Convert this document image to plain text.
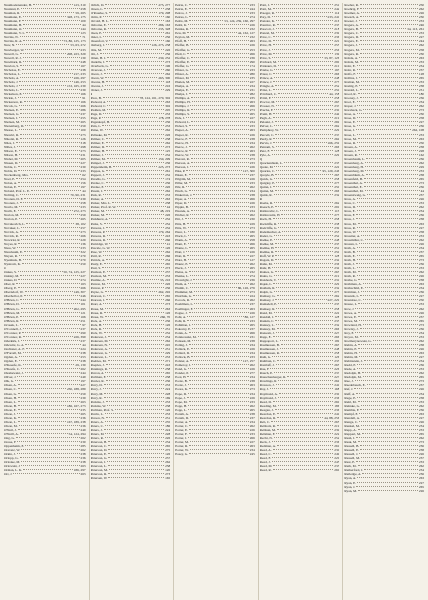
Neumoelenander, H.	123, 310
Neuland, E.	258
Neuman, R.	59, 265
Neumann, E.	328, 173, 175
Neumann, F.	109
Neumann, H.	44
Neumann, O.	144
Neumann, V. L.	123
Nevins, N.	71
Nevins, R. A.	73, 86, 125, 173
New, N.	53, 63, 272
Newberger, W.	233
Newell, G.	208, 223, 329
Newell, R. J.	130
Newmark, R.	248
Newton, S.	167
Nicholas, E.	238
Nicholas, L.	217, 233
Nichols, A.	226, 297
Nichols, J.	146, 253
Nichols, J.	153, 165, 239
Nichols, L.	239
Nickelson, E.	166
Nickle, J.	91
Nickerson, R.	166
Nicols, G.	266
Nielsen, E.	286
Nielsen, G.	237
Nielsen, J.	255
Nielsen, M.	265
Nierenberg, D.	259
Niesse, L.	100
Niewirt, R.	273
Nikolai, R.	126
Niles, J.	318
Nilles, J.	298
Nilson, E.	273
Nilson, H.	231
Nisbet, M.	205
Nissen, D.	227
Noble, C.	230
Noble, D.	233
Nockenberg, Mrs.	62
Noel, E.	254
Nolan, A.	156
Nolan, E.	197
Noland, Prof. L. E.	44
Nolting, C.	70, 90, 231
Noonan, D. F.	239
Noonan, J.	258
Norris, M.	233
North, E.	272, 273
Norton, M.	259
Norton, P.	265
Novakovich, L.	38, 102
Novaker, L.	257
Novick, A.	273
Novick, R.	266
Nowicki, R.	229
Noyes, R.	136
Nuss, W.	233
Nussbaum, E.	322
Nuyen, R.	270
Nyenhuis, B.	270
Nystrom, K.	250
O
Oakes, S.	50, 74, 125, 227
Oakley, M.	227
Oakes, D.	274
Ober, R.	163
Oberg, E.	266
Oberndorf, W.	149, 307
Oberhollor, P.	246
O'Brien, C.	244
O'Brien, D.	101
O'Brien, G.	202, 295
O'Brien, M.	121
O'Brien, P.	166
O'Brien, R.	251
Ocasek, L.	97
O'Connell, J.	237
O'Connor, P.	290
O'Connor, R.	226, 399
Oderkirk, J.	237
Odewitz, G. A.	44
Oechsner, A. F.	224
O'Farrell, M.	238
Ogden, A.	253
Ogden, E.	238
O'Keeefe, K.	29, 130
O'Keefe, C.	262
Oleshewski, J.	244
Oliver, J.	249
Olk, G.	197
Olsen, A.	227
Olsen, C.	230, 188, 289
Olsen, G.	259
Olsen, H.	239
Olsen, L.	263
Olson, B.	186, 167, 273
Olson, E.	235
Olson, J.	265
Olson, K.	236
Olson, L.	167, 189, 238
Olson, M.	236
O'Neil, J.	249
O'Neill, A.	54, 124, 294
Ong, G.	262
Oosse, F.	230
Oppenheim, E.	285
Oravetz, W.	262
Orkin, J.	238
Orlopp, G.	236
Orloske, M.	238
Orlowski, J.	263
Orman, L. K.	186, 297
Orr, J.	263
Orlich, D.	273, 277
Orsen, L.	238
O'Rourke, S.	179, 298
Ortin, P.	160
Orvold, H. L.	163
Osborne, E.	286, 163
Osborne, R.	235, 328
Osen, E.	261
Osier, L.	256
Ossenfort, V.	160
Ostberg, J.	126, 273, 238
Otis, M.	226
Ott, J.	256
Otten, H. J.	230, 232
Oudelle, J.	273
Overbeck, G.	196
Overson, J.	260
Owen, J.	262
Owen, W.	263, 300
Owens, H.	118
Owens, J.	216
Oxner, J.	229
P
Pace, B.	78, 124, 161, 270, 302
Packard, A.	263
Packard, C.	302
Padden, M.	205
Page, D.	233
Page, P.	178, 278
Pagenkopf, H.	236
Pain, L.	233
Paine, W.	262
Pallaske, M.	226
Palmer, C.	238
Palmer, E.	262
Palmer, D.	273
Palmer, H.	125
Palmer, J.	232
Palmer, M.	150, 299
Pampel, J.	236
Pappenheim, B.	225, 273
Pappas, G.	261
Pappert, J.	232
Paradis, G.	174
Pardee, C.	236
Pardee, E.	226
Parent, J.	262
Park, R.	233
Parker, A.	263
Parker, Mrs. L.	238
Parker, Prof. R. W.	44
Parker, M.	48, 219
Parker, M.	226
Parkhurst, A.	232
Parks, S.	252
Parsons, J.	232
Parsons, P.	179, 264
Parsons, R.	243
Parsons, R.	266
Partridge, W.	41
Pascale, G. W.	126
Pase, W.	262
Patil, R.	266
Patrick, A.	234
Pauly, E.	265
Paul, S.	273
Paulson, E.	237
Paulson, M.	233
Pauline, A.	33, 216
Paxton, M.	226
Paxton, P.	236
Payne, G.	262, 292
Pearson, C.	265
Pearson, J.	266
Peart, A.	273
Pease, M.	263
Pease, R.	126
Pease, W.	266, 70
Peck, A.	236
Peck, H.	126
Peck, R.	231
Peck, W.	232
Pederson, J.	234
Pedersen, M.	262
Pedersen, N.	245
Pederson, A.	231
Pederson, G.	229
Pederson, L.	233
Peebles, M.	271
Peeples, J.	243
Pennings, R.	258
Perron, A.	265
Perlman, F.	238
Perrier, R.	236
Perry, D.	233
Perry, J.	224
Perry, M.	228
Perry, R.	169
Perkins, J.	233
Perkins, W.	238
Perlman, Prof. S.	126
Perrin, L.	233
Person, N.	231
Peters, A.	235
Peters, C.	186
Peters, J.	224
Peters, M.	228
Peters, R.	226
Peterson, B.	234
Peterson, C.	265
Peterson, D.	275
Peterson, E.	126
Peterson, G.	237
Peterson, J.	262
Peterson, L.	258
Peterson, M.	120
Peterson, R.	273
Petersen, W.	165
Petrie, C.	233
Petrie, E.	244
Petros, J.	233
Petrus, L.	274
Pettis, M.	53, 124, 259, 160, 297
Pettit, K.	226
Petzke, R.	232
Pew, M.	44, 162, 127
Peyton, M.	232
Pfaff, H.	263
Pfeffer, B.	226
Pfeiffer, G.	253
Pfeil, C.	266
Pfeiffer, C.	236
Pfeiffer, E.	290
Pfeffer, G.	174
Pfister, G.	233
Pfister, A.	280
Pfister, M.	235
Phalen, M.	227
Phelps, A.	234
Phelps, E.	231
Phelps, J.	282
Phillips, A.	235
Phillips, H.	263
Phillips, J.	266
Phillips, R.	273
Phillips, S.	265
Pick, J.	227
Pickard, L.	234
Picket, S.	233
Pieper, A.	263
Pieper, R.	226
Pierce, F.	238
Pierce, H.	234
Pierce, J.	262
Pierce, R.	263
Pierce, W.	238
Pieroni, R.	273
Pierson, A.	233
Pierson, J.	226
Pike, P.	127, 300
Piken, E.	237
Pilgrim, M.	226
Pillar, M.	233
Pilz, R.	262
Pinch, G.	234
Pinkerton, J.	238
Piper, A.	266
Piper, D.	226
Pippin, B.	233
Pisarek, A.	234
Pitcher, R.	262
Pitt, J.	230
Pitts, H.	229
Pitts, W.	273
Pizer, L.	180
Plack, L.	265
Plank, A.	258
Plant, E.	266
Plante, L.	265
Platt, J.	226
Platt, R.	227
Platz, H.	127
Plautz, E.	262
Pleck, J.	265
Pleiss, A.	232
Plenke, L.	274
Plowright, J.	236
Plum, A.	262
Plumb, C.	86, 126, 276
Plummer, M.	273
Plutchak, G.	224
Pocock, R.	262
Poehlman, L.	237
Poellinger, F.	263
Pogue, J.	226
Pohl, A.	86, 127
Pohl, R.	233
Pohlman, J.	265
Pokorny, E.	237
Polak, A.	266
Polakowski, M.	231
Polasek, M.	238
Poling, J.	234
Pollack, E.	226
Pollard, D.	234
Pollock, B.	233
Polster, A.	127, 257
Pomeroy, J.	262
Pond, G.	226
Ponder, P.	277
Pool, H.	234
Poole, B.	238
Poole, J.	263
Poore, K.	273
Pope, D.	234
Pope, J.	226
Pope, M.	233
Popp, H.	262
Popp, L.	265
Porath, A.	238
Porath, D.	237
Porter, A.	234
Porter, C.	262
Porter, E.	226
Porter, F.	233
Porter, J.	266
Porter, M.	227
Porter, R.	263
Porter, W.	234
Posey, G.	245
Pratt, J.	251
Pratt, M.	242
Praeger, R.	114
Pray, D.	233, 241
Preisler, K.	216
Prentice, R.	233
Prescott, J.	218
Pretzel, M.	239
Price, C.	236
Price, D.	221
Price, H.	255
Price, J.	256
Price, M.	139
Price, S.	33, 87, 126
Prichard, M.	290
Prideaux, D.	210
Priebe, G.	193
Priest, C.	266
Prince, A.	248
Prince, J.	273
Pringle, A.	252
Prinz, L.	250
Pritchard, C.	44, 158
Pritzl, F.	258
Proctor, M.	263
Prosser, N.	237
Prucha, F.	230
Pruitt, H.	244
Pugh, A.	219
Pulaski, J.	269
Pulver, L.	262
Pumphrey, W.	229
Purcell, C.	237
Purdy, R.	264
Purvis, J.	166, 259
Putnam, S.	266
Putz, F.	128
Pyle, A.	229
Q
Quackenbush, L.	235
Quale, M.	224
Quarles, C.	95, 129, 246
Quayle, B.	265
Quick, G.	258
Quigley, E.	273
Quinn, J.	250
Quinn, M.	266
Quirk, R.	232
R
Raabe, R.	262
Raasch, E.	291
Rabinovitz, L.	115
Rabinowitz, H.	273
Rach, H.	258
Rackliffe, R.	238
Radcliffe, G.	239
Rademacher, A.	255
Rader, G.	254
Radke, E.	248
Radke, M.	233
Radtke, H.	251
Radtke, R.	250
Raff, W. P.	128
Ragatz, D.	234
Rahn, M.	236
Rahr, H.	234
Raines, G.	263
Rains, G.	219
Raisbeck, T.	231
Rajek, L.	229
Raldum, R.	232
Ralph, G.	273
Ramsay, G.	262
Ramsay, J.	227, 229
Ramsdell, E.	233
Ramsey, R.	258
Rand, M.	224
Randall, J.	128
Rankin, C.	233
Ranney, L.	232
Ranney, M.	266
Ransom, J.	227
Rapp, E.	266
Rappaport, L.	199
Rasmussen, B.	263
Rasmussen, J.	248
Rasmussen, R.	258
Rath, G.	126
Rathbun, C.	233
Ratzlaff, J.	265
Rau, F.	226
Rauch, E.	237
Rauschenberger, R.	227
Rawlings, R.	264
Rawson, J.	241
Ray, J.	168
Raymond, A.	230
Raymond, J.	236
Read, D.	260
Reading, M.	186
Reagan, J.	236
Reardon, E.	241
Reardon, R.	44, 88, 256
Reb, C.	265
Rebholz, R.	219
Rebhun, M.	239
Rebman, F.	222
Recht, N.	252
Reck, J.	236
Redman, A.	261
Reed, A.	230
Reed, C.	249
Reed, F.	220
Reed, J.	245
Reed, M.	233
Reed, R.	260
Roeber, R.	250
Roehrig, F.	262
Roemer, A.	226
Roesch, A.	230
Roeser, J.	233
Rogers, A.	246
Rogers, B.	34, 113, 261
Rogers, C.	233
Rogers, D.	227
Rogers, E.	244
Rogers, J.	262
Rogers, M.	258
Rogers, R.	230
Rohde, A.	263
Rohde, M.	233
Rohr, E.	234
Rohr, R.	237
Rolfs, F.	128
Rollins, J.	265
Roman, M.	233
Romig, E.	238
Ronald, L.	231
Rood, R.	180
Rooney, J.	236
Root, E.	234
Roper, J.	262
Rorabeck, G.	273
Rose, A.	230
Rose, D.	258
Rose, E.	227
Rose, G.	236
Rose, J.	262, 108
Rose, L.	233
Rose, M.	263
Rose, R.	250
Rosen, A.	238
Rosen, J.	228
Rosen, R.	162
Rosenbaum, L.	236
Rosenberg, A.	262
Rosenberg, H.	229
Rosenberg, M.	233
Rosenblum, A.	238
Rosenfeld, B.	265
Rosenthal, A.	273
Rosenthal, E.	236
Rosenthal, M.	44
Rosenzweig, G.	237
Ross, A.	226
Ross, C.	233
Ross, D.	262
Ross, E.	234
Ross, F.	236
Ross, J.	238
Ross, M.	263
Ross, R.	227
Ross, W.	258
Rossiter, A.	233
Rossmiller, C.	262
Rosten, L.	226
Roth, A.	234
Roth, B.	237
Roth, E.	265
Roth, H.	273
Roth, J.	236
Roth, L.	233
Roth, M.	262
Roth, R.	226
Rothe, G.	238
Rothman, A.	263
Rothschild, E.	234
Rottman, J.	236
Rounds, L.	227
Rountree, C.	250
Rouse, L.	233
Row, J.	262
Rowe, A.	226
Rowe, E.	237
Rowe, M.	265
Rowland, H.	273
Rowley, J.	236
Roy, E.	234
Royce, M.	233
Rozmarynowski, G.	262
Rubin, A.	238
Rubin, E.	226
Rubin, H.	263
Rubin, M.	227
Rubinstein, J.	234
Rudd, E.	236
Rude, A.	233
Rudolph, H.	262
Rudolph, M.	265
Rue, J.	273
Ruedebusch, E.	237
Ruf, J.	226
Ruff, A.	234
Ruge, E.	238
Ruhl, M.	233
Ruhnke, G.	262
Rumble, F.	236
Rumpf, E.	263
Rundell, A.	227
Runge, C.	226
Runkel, M.	234
Rupp, A.	233
Ruppert, M.	265
Rush, J.	262
Rusk, M.	273
Russell, B.	236
Russell, E.	238
Russell, J.	226
Russell, M.	237
Rust, E.	233
Ruth, M.	262
Rutherford, J.	234
Rutledge, A.	236
Ryan, A.	263
Ryan, E.	227
Ryan, J.	265
Ryan, M.	226
